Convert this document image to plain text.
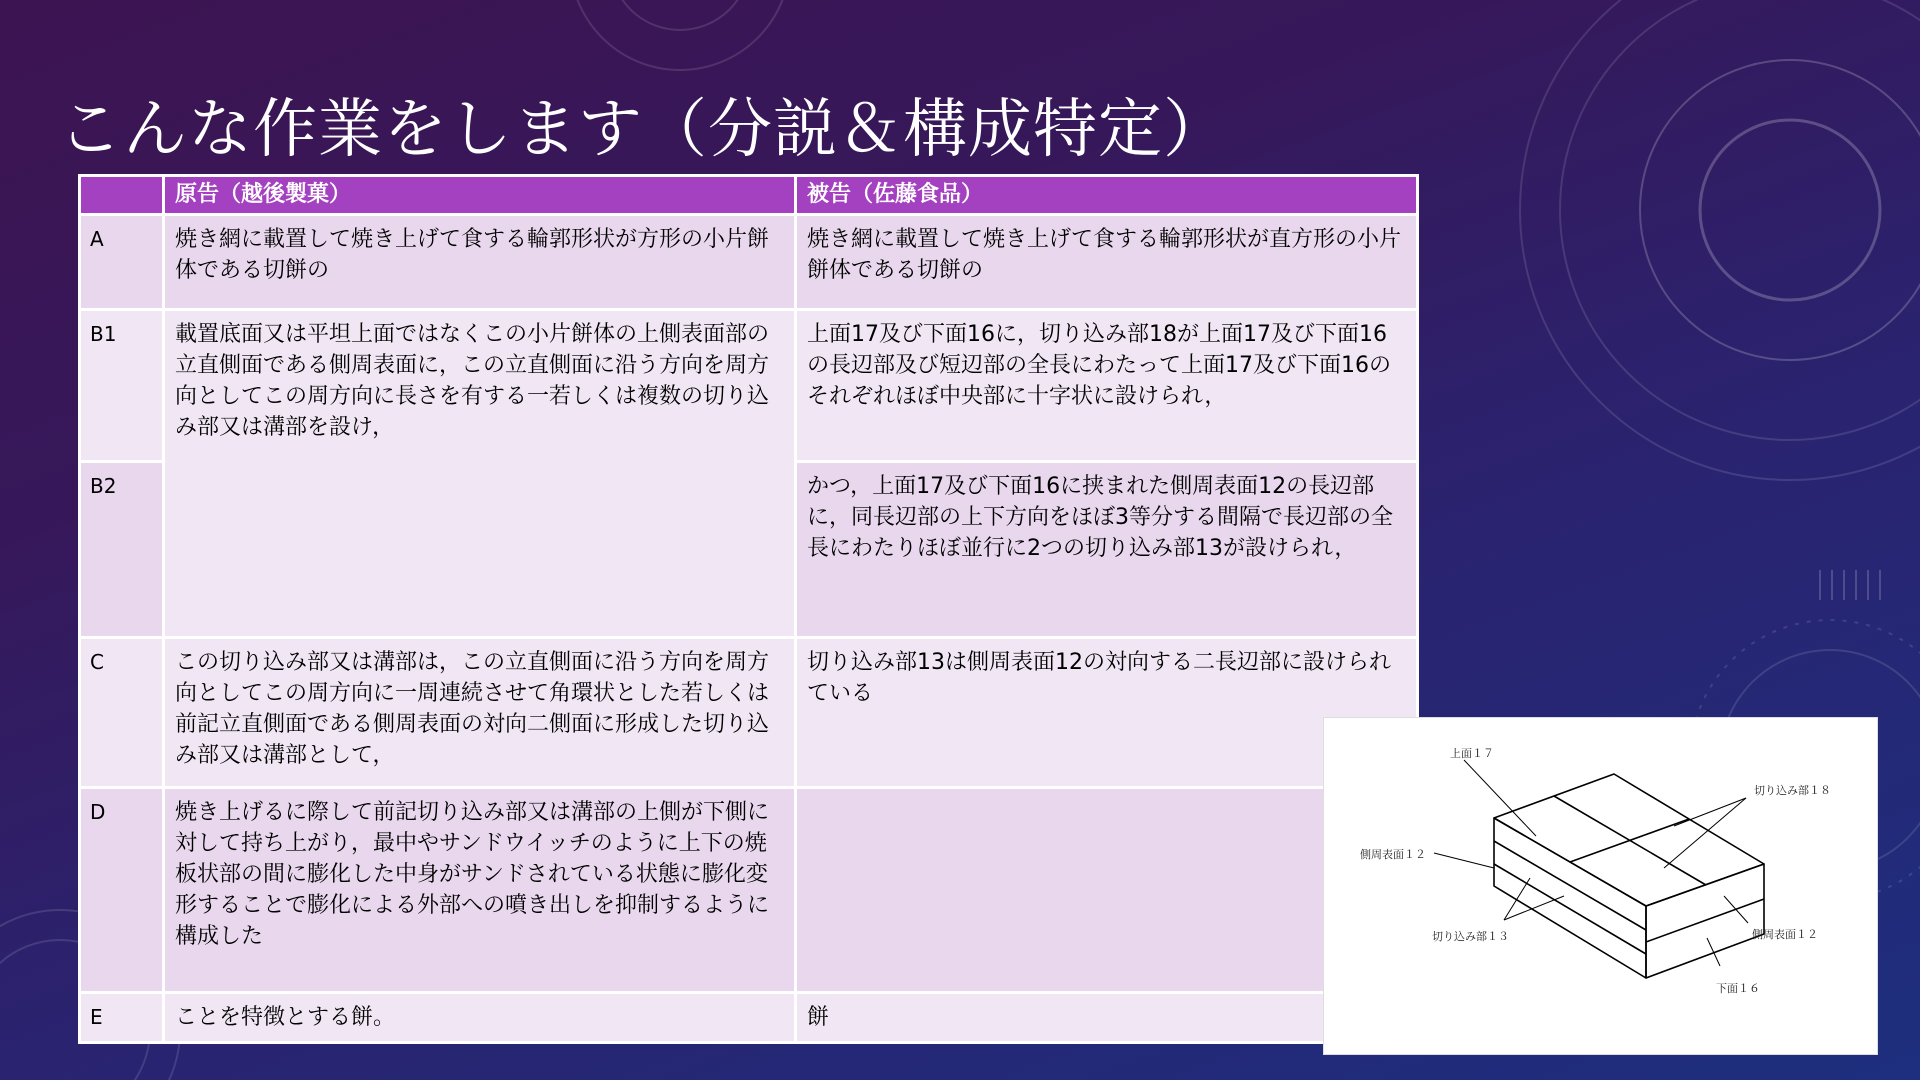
こんな作業をします（分説＆構成特定）
	原告（越後製菓）	被告（佐藤食品）
A	焼き網に載置して焼き上げて食する輪郭形状が方形の小片餅体である切餅の	焼き網に載置して焼き上げて食する輪郭形状が直方形の小片餅体である切餅の
B1	載置底面又は平坦上面ではなくこの小片餅体の上側表面部の立直側面である側周表面に，この立直側面に沿う方向を周方向としてこの周方向に長さを有する一若しくは複数の切り込み部又は溝部を設け，	上面17及び下面16に，切り込み部18が上面17及び下面16の長辺部及び短辺部の全長にわたって上面17及び下面16のそれぞれほぼ中央部に十字状に設けられ，
B2		かつ，上面17及び下面16に挟まれた側周表面12の長辺部に，同長辺部の上下方向をほぼ3等分する間隔で長辺部の全長にわたりほぼ並行に2つの切り込み部13が設けられ，
C	この切り込み部又は溝部は，この立直側面に沿う方向を周方向としてこの周方向に一周連続させて角環状とした若しくは前記立直側面である側周表面の対向二側面に形成した切り込み部又は溝部として，	切り込み部13は側周表面12の対向する二長辺部に設けられている
D	焼き上げるに際して前記切り込み部又は溝部の上側が下側に対して持ち上がり，最中やサンドウイッチのように上下の焼板状部の間に膨化した中身がサンドされている状態に膨化変形することで膨化による外部への噴き出しを抑制するように構成した	
E	ことを特徴とする餅。	餅
上面１７
切り込み部１８
側周表面１２
切り込み部１３	側周表面１２
下面１６
